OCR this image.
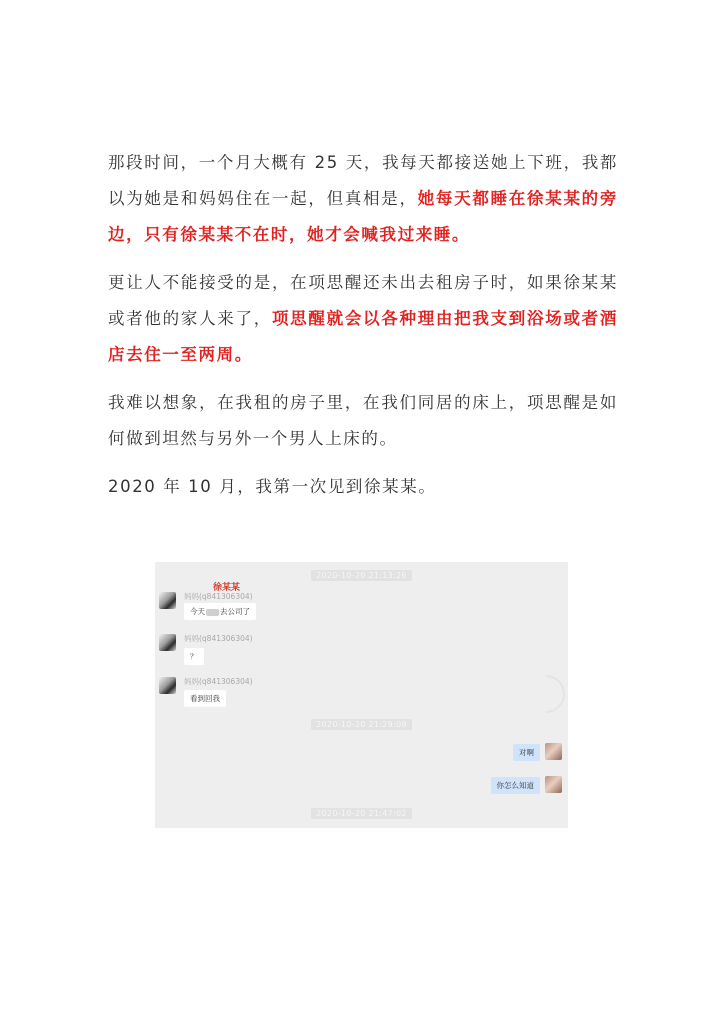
那段时间，一个月大概有 25 天，我每天都接送她上下班，我都以为她是和妈妈住在一起，但真相是，她每天都睡在徐某某的旁边，只有徐某某不在时，她才会喊我过来睡。

更让人不能接受的是，在项思醒还未出去租房子时，如果徐某某或者他的家人来了，项思醒就会以各种理由把我支到浴场或者酒店去住一至两周。

我难以想象，在我租的房子里，在我们同居的床上，项思醒是如何做到坦然与另外一个男人上床的。

2020 年 10 月，我第一次见到徐某某。

2020-10-20 21:13:26
徐某某
妈妈(q841306304)
今天 去公司了
妈妈(q841306304)
？
妈妈(q841306304)
看到回我
2020-10-20 21:29:09
对啊
你怎么知道
2020-10-20 21:47:02
